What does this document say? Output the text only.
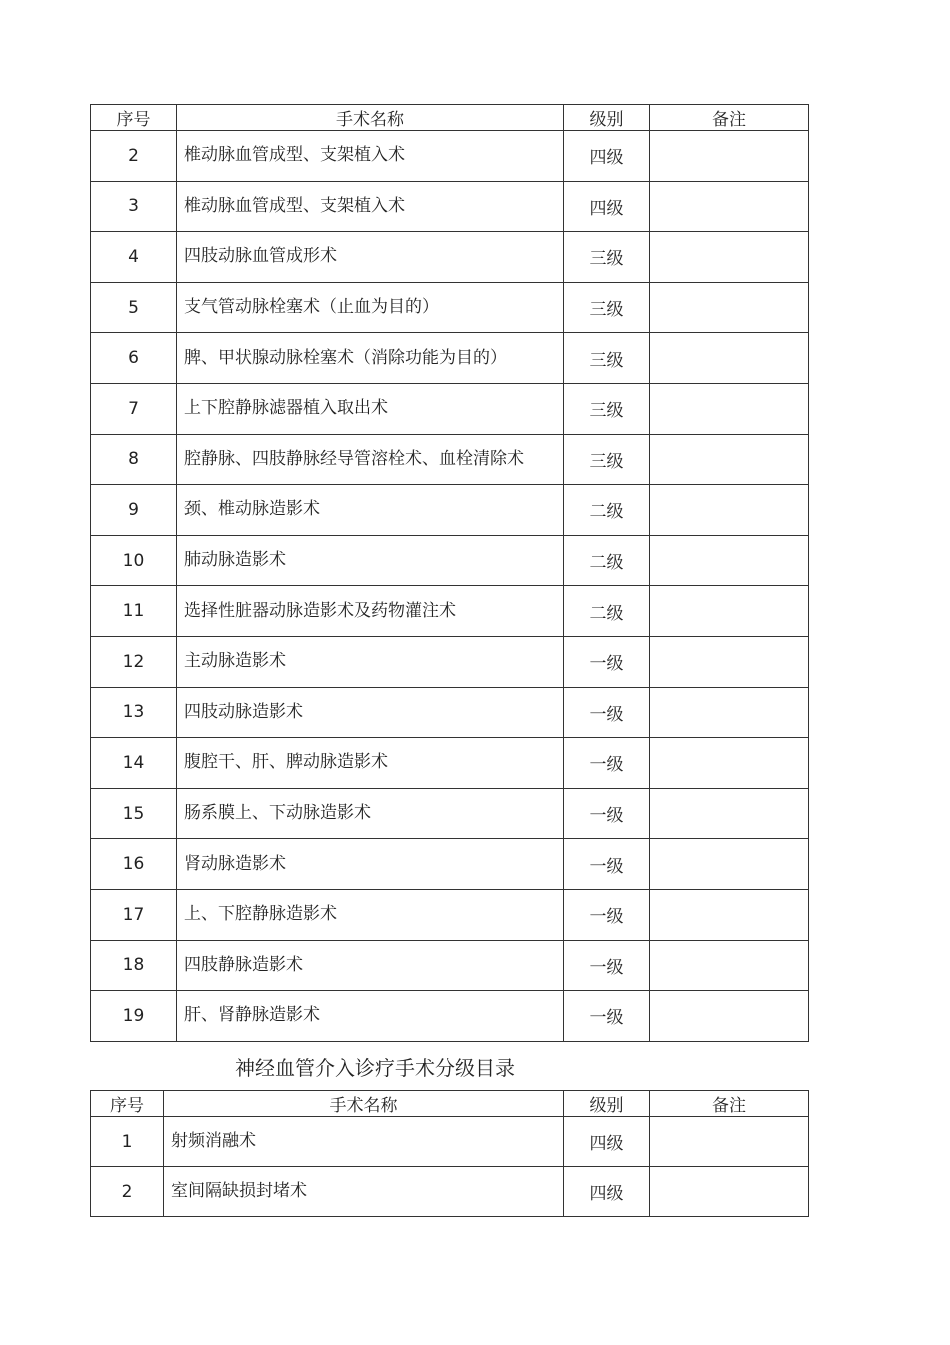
序号	手术名称	级别	备注
2	椎动脉血管成型、支架植入术	四级	
3	椎动脉血管成型、支架植入术	四级	
4	四肢动脉血管成形术	三级	
5	支气管动脉栓塞术（止血为目的）	三级	
6	脾、甲状腺动脉栓塞术（消除功能为目的）	三级	
7	上下腔静脉滤器植入取出术	三级	
8	腔静脉、四肢静脉经导管溶栓术、血栓清除术	三级	
9	颈、椎动脉造影术	二级	
10	肺动脉造影术	二级	
11	选择性脏器动脉造影术及药物灌注术	二级	
12	主动脉造影术	一级	
13	四肢动脉造影术	一级	
14	腹腔干、肝、脾动脉造影术	一级	
15	肠系膜上、下动脉造影术	一级	
16	肾动脉造影术	一级	
17	上、下腔静脉造影术	一级	
18	四肢静脉造影术	一级	
19	肝、肾静脉造影术	一级	
神经血管介入诊疗手术分级目录
序号	手术名称	级别	备注
1	射频消融术	四级	
2	室间隔缺损封堵术	四级	
